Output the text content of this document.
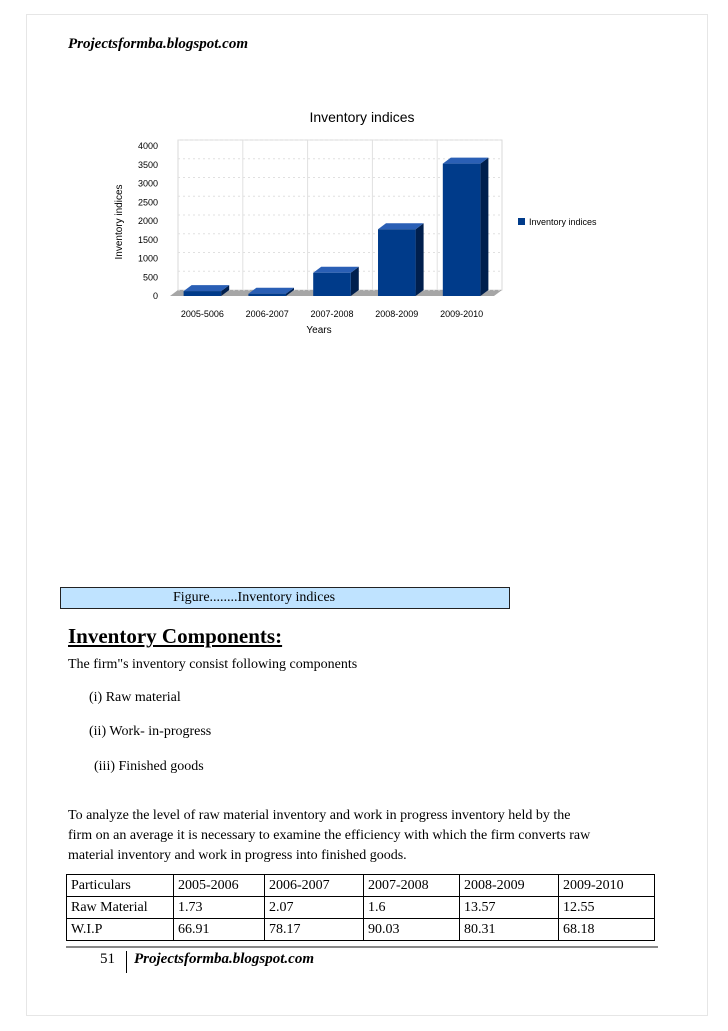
Projectsformba.blogspot.com
Inventory indices
Inventory indices
Years
4000
3500
3000
2500
2000
1500
1000
500
0
2005-5006 2006-2007 2007-2008 2008-2009 2009-2010
Inventory indices
Figure........Inventory indices
Inventory Components:
The firm"s inventory consist following components
(i) Raw material
(ii) Work- in-progress
(iii) Finished goods
To analyze the level of raw material inventory and work in progress inventory held by the
firm on an average it is necessary to examine the efficiency with which the firm converts raw
material inventory and work in progress into finished goods.
Particulars	2005-2006	2006-2007	2007-2008	2008-2009	2009-2010
Raw Material	1.73	2.07	1.6	13.57	12.55
W.I.P	66.91	78.17	90.03	80.31	68.18
51 Projectsformba.blogspot.com
